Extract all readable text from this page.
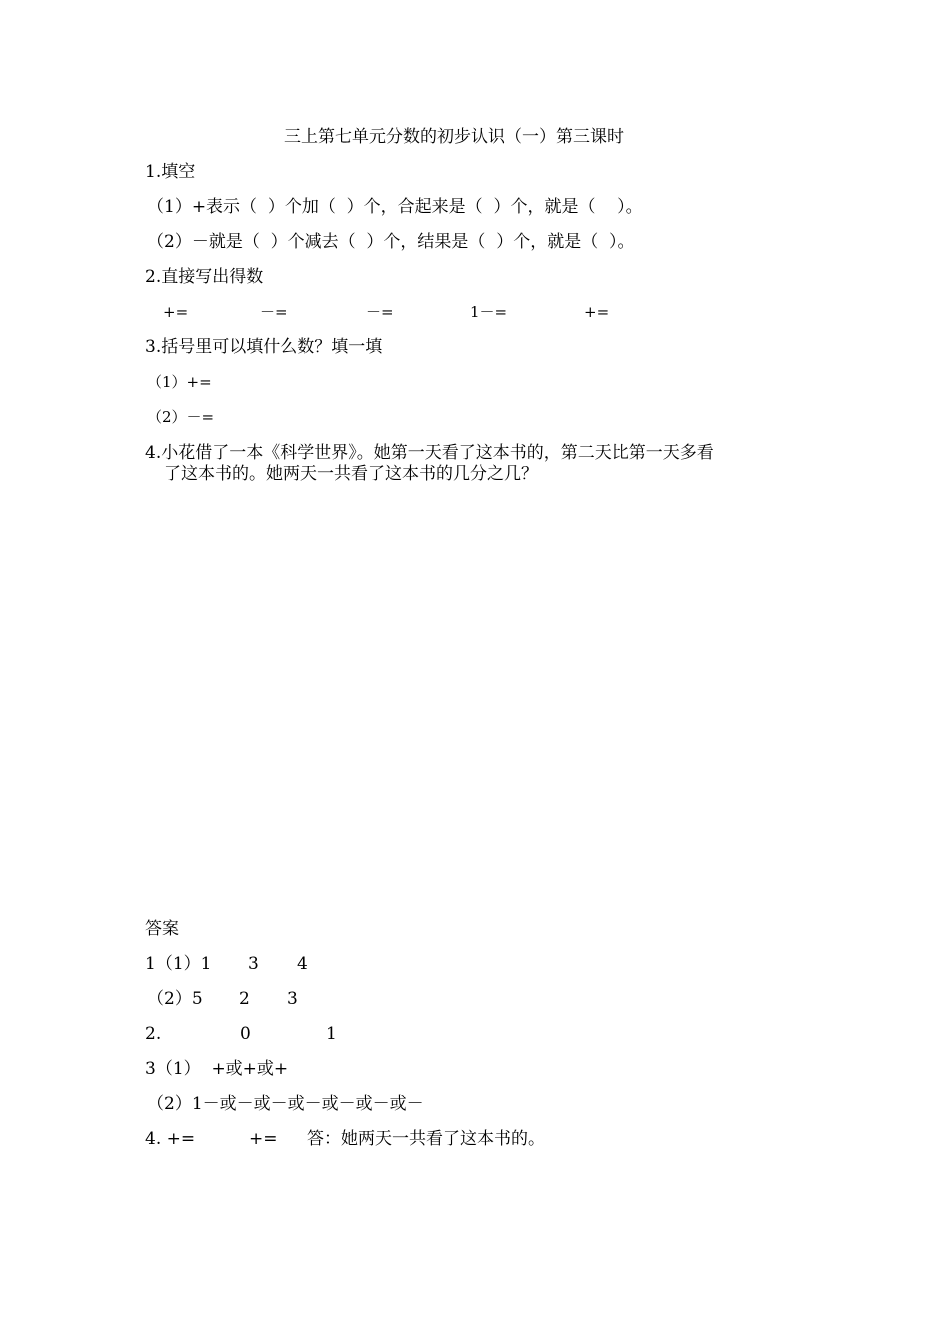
三上第七单元分数的初步认识（一）第三课时
1.填空
（1）+表示（  ）个加（  ）个，合起来是（  ）个，就是（    ）。
（2）－就是（  ）个减去（  ）个，结果是（  ）个，就是（  ）。
2.直接写出得数
+=	－=	－=	1－=	+=
3.括号里可以填什么数？填一填
（1）+=
（2）－=
4.小花借了一本《科学世界》。她第一天看了这本书的，第二天比第一天多看
了这本书的。她两天一共看了这本书的几分之几？
答案

1（1）1

3

4

（2）5

2

3

2.

	0

	1

3（1）  +或+或+
（2）1－或－或－或－或－或－或－

4. +=

	+=

答：她两天一共看了这本书的。
